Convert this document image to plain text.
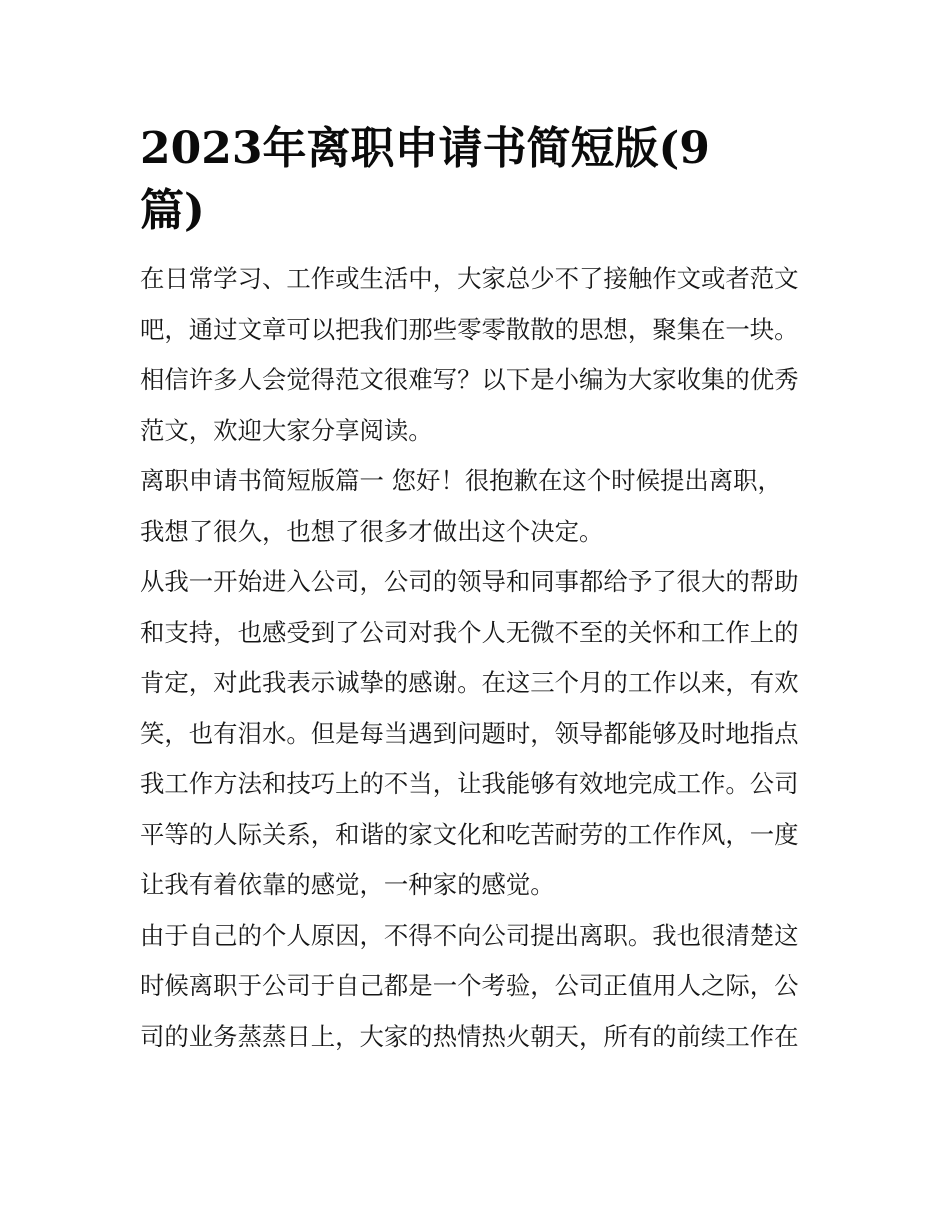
2023年离职申请书简短版(9
篇)

在日常学习、工作或生活中，大家总少不了接触作文或者范文
吧，通过文章可以把我们那些零零散散的思想，聚集在一块。
相信许多人会觉得范文很难写？以下是小编为大家收集的优秀
范文，欢迎大家分享阅读。

离职申请书简短版篇一 您好！很抱歉在这个时候提出离职，
我想了很久，也想了很多才做出这个决定。

从我一开始进入公司，公司的领导和同事都给予了很大的帮助
和支持，也感受到了公司对我个人无微不至的关怀和工作上的
肯定，对此我表示诚挚的感谢。在这三个月的工作以来，有欢
笑，也有泪水。但是每当遇到问题时，领导都能够及时地指点
我工作方法和技巧上的不当，让我能够有效地完成工作。公司
平等的人际关系，和谐的家文化和吃苦耐劳的工作作风，一度
让我有着依靠的感觉，一种家的感觉。

由于自己的个人原因，不得不向公司提出离职。我也很清楚这
时候离职于公司于自己都是一个考验，公司正值用人之际，公
司的业务蒸蒸日上，大家的热情热火朝天，所有的前续工作在
